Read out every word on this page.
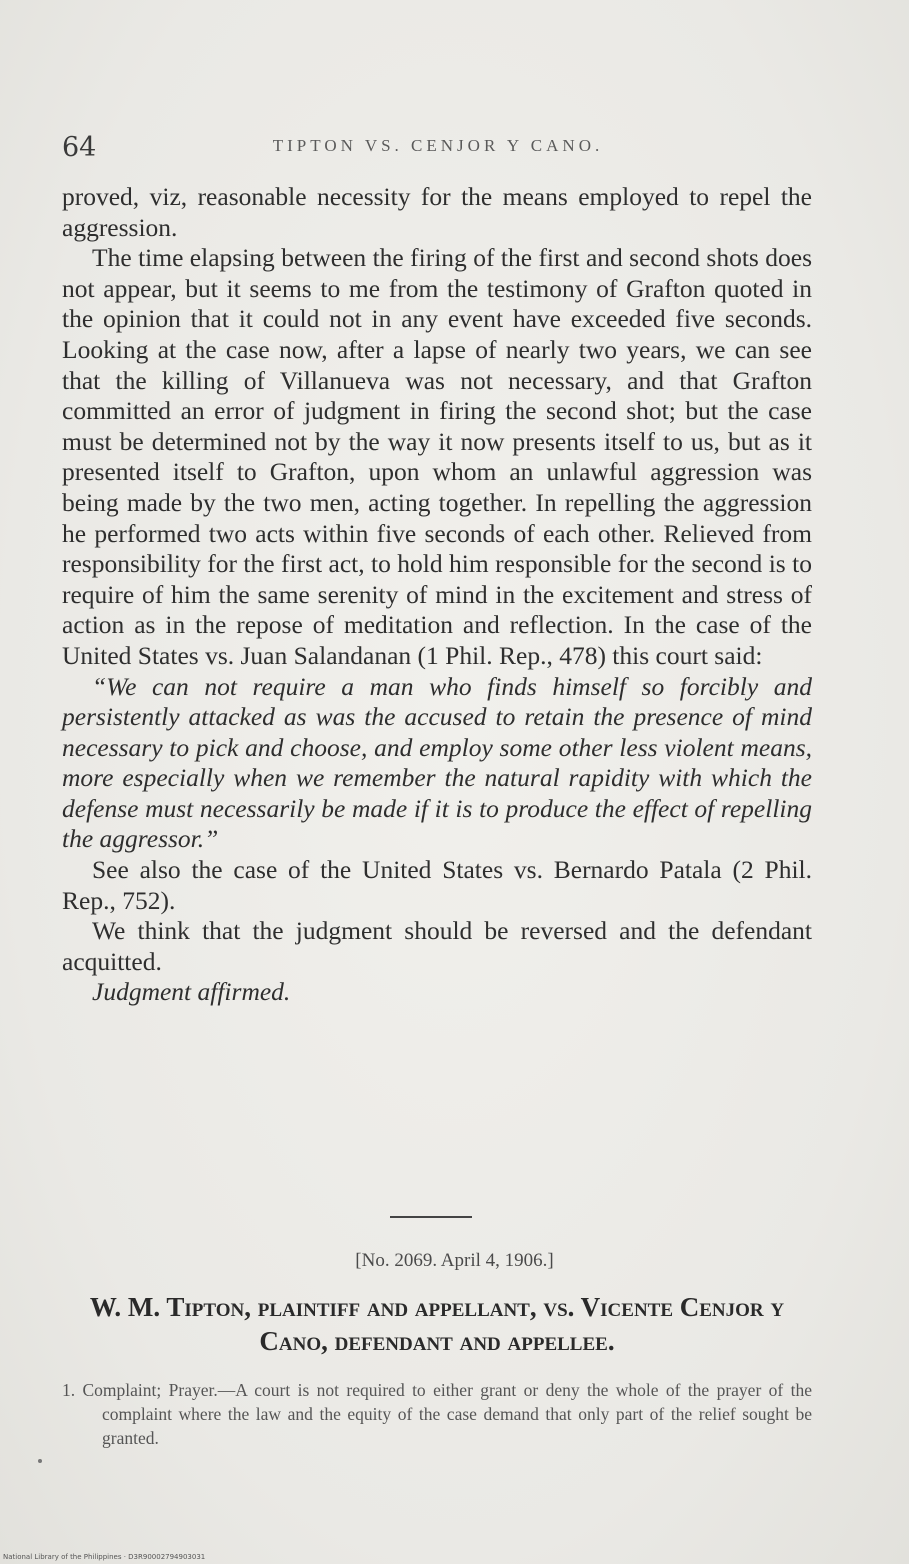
64	TIPTON VS. CENJOR Y CANO.

proved, viz, reasonable necessity for the means employed to repel the aggression.

The time elapsing between the firing of the first and second shots does not appear, but it seems to me from the testimony of Grafton quoted in the opinion that it could not in any event have exceeded five seconds. Looking at the case now, after a lapse of nearly two years, we can see that the killing of Villanueva was not necessary, and that Grafton committed an error of judgment in firing the second shot; but the case must be determined not by the way it now presents itself to us, but as it presented itself to Grafton, upon whom an unlawful aggression was being made by the two men, acting together. In repelling the aggression he performed two acts within five seconds of each other. Relieved from responsibility for the first act, to hold him responsible for the second is to require of him the same serenity of mind in the excitement and stress of action as in the repose of meditation and reflection. In the case of the United States vs. Juan Salandanan (1 Phil. Rep., 478) this court said:

“We can not require a man who finds himself so forcibly and persistently attacked as was the accused to retain the presence of mind necessary to pick and choose, and employ some other less violent means, more especially when we remember the natural rapidity with which the defense must necessarily be made if it is to produce the effect of repelling the aggressor.”

See also the case of the United States vs. Bernardo Patala (2 Phil. Rep., 752).

We think that the judgment should be reversed and the defendant acquitted.

Judgment affirmed.

[No. 2069. April 4, 1906.]
W. M. Tipton, plaintiff and appellant, vs. Vicente Cenjor y Cano, defendant and appellee.

1. Complaint; Prayer.—A court is not required to either grant or deny the whole of the prayer of the complaint where the law and the equity of the case demand that only part of the relief sought be granted.

National Library of the Philippines · D3R90002794903031
